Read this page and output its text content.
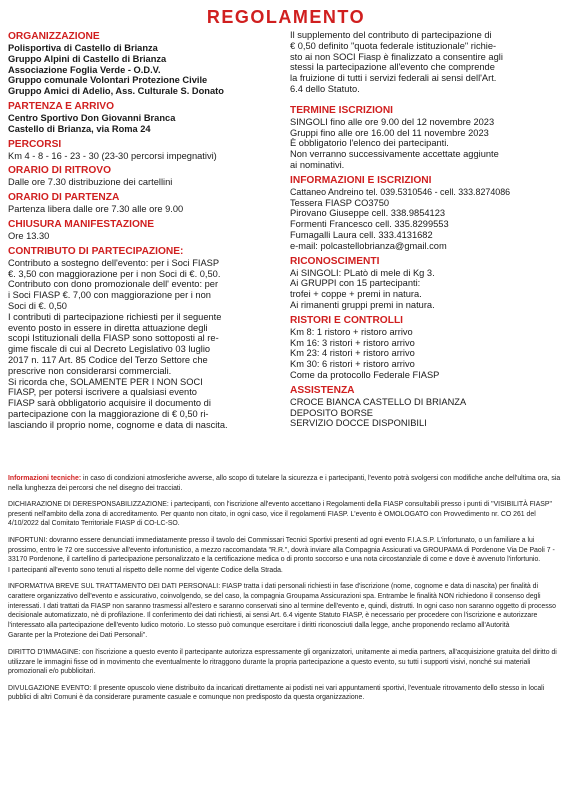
REGOLAMENTO
ORGANIZZAZIONE
Polisportiva di Castello di Brianza
Gruppo Alpini di Castello di Brianza
Associazione Foglia Verde - O.D.V.
Gruppo comunale Volontari Protezione Civile
Gruppo Amici di Adelio, Ass. Culturale S. Donato
PARTENZA E ARRIVO
Centro Sportivo Don Giovanni Branca
Castello di Brianza, via Roma 24
PERCORSI
Km 4 - 8 - 16 - 23 - 30 (23-30 percorsi impegnativi)
ORARIO DI RITROVO
Dalle ore 7.30 distribuzione dei cartellini
ORARIO DI PARTENZA
Partenza libera dalle ore 7.30 alle ore 9.00
CHIUSURA MANIFESTAZIONE
Ore 13.30
CONTRIBUTO DI PARTECIPAZIONE:
Contributo a sostegno dell'evento: per i Soci FIASP
€. 3,50 con maggiorazione per i non Soci di €. 0,50.
Contributo con dono promozionale dell' evento: per
i Soci FIASP €. 7,00 con maggiorazione per i non
Soci di €. 0,50
I contributi di partecipazione richiesti per il seguente
evento posto in essere in diretta attuazione degli
scopi Istituzionali della FIASP sono sottoposti al re-
gime fiscale di cui al Decreto Legislativo 03 luglio
2017 n. 117 Art. 85 Codice del Terzo Settore che
prescrive non considerarsi commerciali.
Si ricorda che, SOLAMENTE PER I NON SOCI
FIASP, per potersi iscrivere a qualsiasi evento
FIASP sarà obbligatorio acquisire il documento di
partecipazione con la maggiorazione di € 0,50 ri-
lasciando il proprio nome, cognome e data di nascita.
Il supplemento del contributo di partecipazione di
€ 0,50 definito "quota federale istituzionale" richie-
sto ai non SOCI Fiasp è finalizzato a consentire agli
stessi la partecipazione all'evento che comprende
la fruizione di tutti i servizi federali ai sensi dell'Art.
6.4 dello Statuto.
TERMINE ISCRIZIONI
SINGOLI fino alle ore 9.00 del 12 novembre 2023
Gruppi fino alle ore 16.00 del 11 novembre 2023
È obbligatorio l'elenco dei partecipanti.
Non verranno successivamente accettate aggiunte
ai nominativi.
INFORMAZIONI E ISCRIZIONI
Cattaneo Andreino tel. 039.5310546 - cell. 333.8274086
Tessera FIASP CO3750
Pirovano Giuseppe cell. 338.9854123
Formenti Francesco cell. 335.8299553
Fumagalli Laura cell. 333.4131682
e-mail: polcastellobrianza@gmail.com
RICONOSCIMENTI
Ai SINGOLI: PLatò di mele di Kg 3.
Ai GRUPPI con 15 partecipanti:
trofei + coppe + premi in natura.
Ai rimanenti gruppi premi in natura.
RISTORI E CONTROLLI
Km 8: 1 ristoro + ristoro arrivo
Km 16: 3 ristori + ristoro arrivo
Km 23: 4 ristori + ristoro arrivo
Km 30: 6 ristori + ristoro arrivo
Come da protocollo Federale FIASP
ASSISTENZA
CROCE BIANCA CASTELLO DI BRIANZA
DEPOSITO BORSE
SERVIZIO DOCCE DISPONIBILI

Informazioni tecniche: in caso di condizioni atmosferiche avverse, allo scopo di tutelare la sicurezza e i partecipanti, l'evento potrà svolgersi con modifiche anche dell'ultima ora, sia nella lunghezza dei percorsi che nel disegno dei tracciati.

DICHIARAZIONE DI DERESPONSABILIZZAZIONE: i partecipanti, con l'iscrizione all'evento accettano i Regolamenti della FIASP consultabili presso i punti di "VISIBILITÀ FIASP" presenti nell'ambito della zona di accreditamento. Per quanto non citato, in ogni caso, vice il regolamenti FIASP. L'evento è OMOLOGATO con Provvedimento nr. CO 261 del 4/10/2022 dal Comitato Territoriale FIASP di CO-LC-SO.

INFORTUNI: dovranno essere denunciati immediatamente presso il tavolo dei Commissari Tecnici Sportivi presenti ad ogni evento F.I.A.S.P. L'infortunato, o un familiare a lui prossimo, entro le 72 ore successive all'evento infortunistico, a mezzo raccomandata "R.R.", dovrà inviare alla Compagnia Assicurati va GROUPAMA di Pordenone Via De Paoli 7 - 33170 Pordenone, il cartellino di partecipazione personalizzato e la certificazione medica o di pronto soccorso e una nota circostanziale di come e dove è avvenuto l'infortunio.

I partecipanti all'evento sono tenuti al rispetto delle norme del vigente Codice della Strada.

INFORMATIVA BREVE SUL TRATTAMENTO DEI DATI PERSONALI: FIASP tratta i dati personali richiesti in fase d'iscrizione (nome, cognome e data di nascita) per finalità di carattere organizzativo dell'evento e assicurativo, coinvolgendo, se del caso, la compagnia Groupama Assicurazioni spa. Entrambe le finalità NON richiedono il consenso degli interessati. I dati trattati da FIASP non saranno trasmessi all'estero e saranno conservati sino al termine dell'evento e, quindi, distrutti. In ogni caso non saranno oggetto di processo decisionale automatizzato, nè di profilazione. Il conferimento dei dati richiesti, ai sensi Art. 6.4 vigente Statuto FIASP, è necessario per procedere con l'iscrizione e autorizzare l'interessato alla partecipazione dell'evento ludico motorio. Lo stesso può comunque esercitare i diritti riconosciuti dalla legge, anche proponendo reclamo all'Autorità

Garante per la Protezione dei Dati Personali".

DIRITTO D'IMMAGINE: con l'iscrizione a questo evento il partecipante autorizza espressamente gli organizzatori, unitamente ai media partners, all'acquisizione gratuita del diritto di utilizzare le immagini fisse od in movimento che eventualmente lo ritraggono durante la propria partecipazione a questo evento, su tutti i supporti visivi, nonché sui materiali promozionali e/o pubblicitari.

DIVULGAZIONE EVENTO: Il presente opuscolo viene distribuito da incaricati direttamente ai podisti nei vari appuntamenti sportivi, l'eventuale ritrovamento dello stesso in locali pubblici di altri Comuni è da considerare puramente casuale e comunque non predisposto da questa organizzazione.
